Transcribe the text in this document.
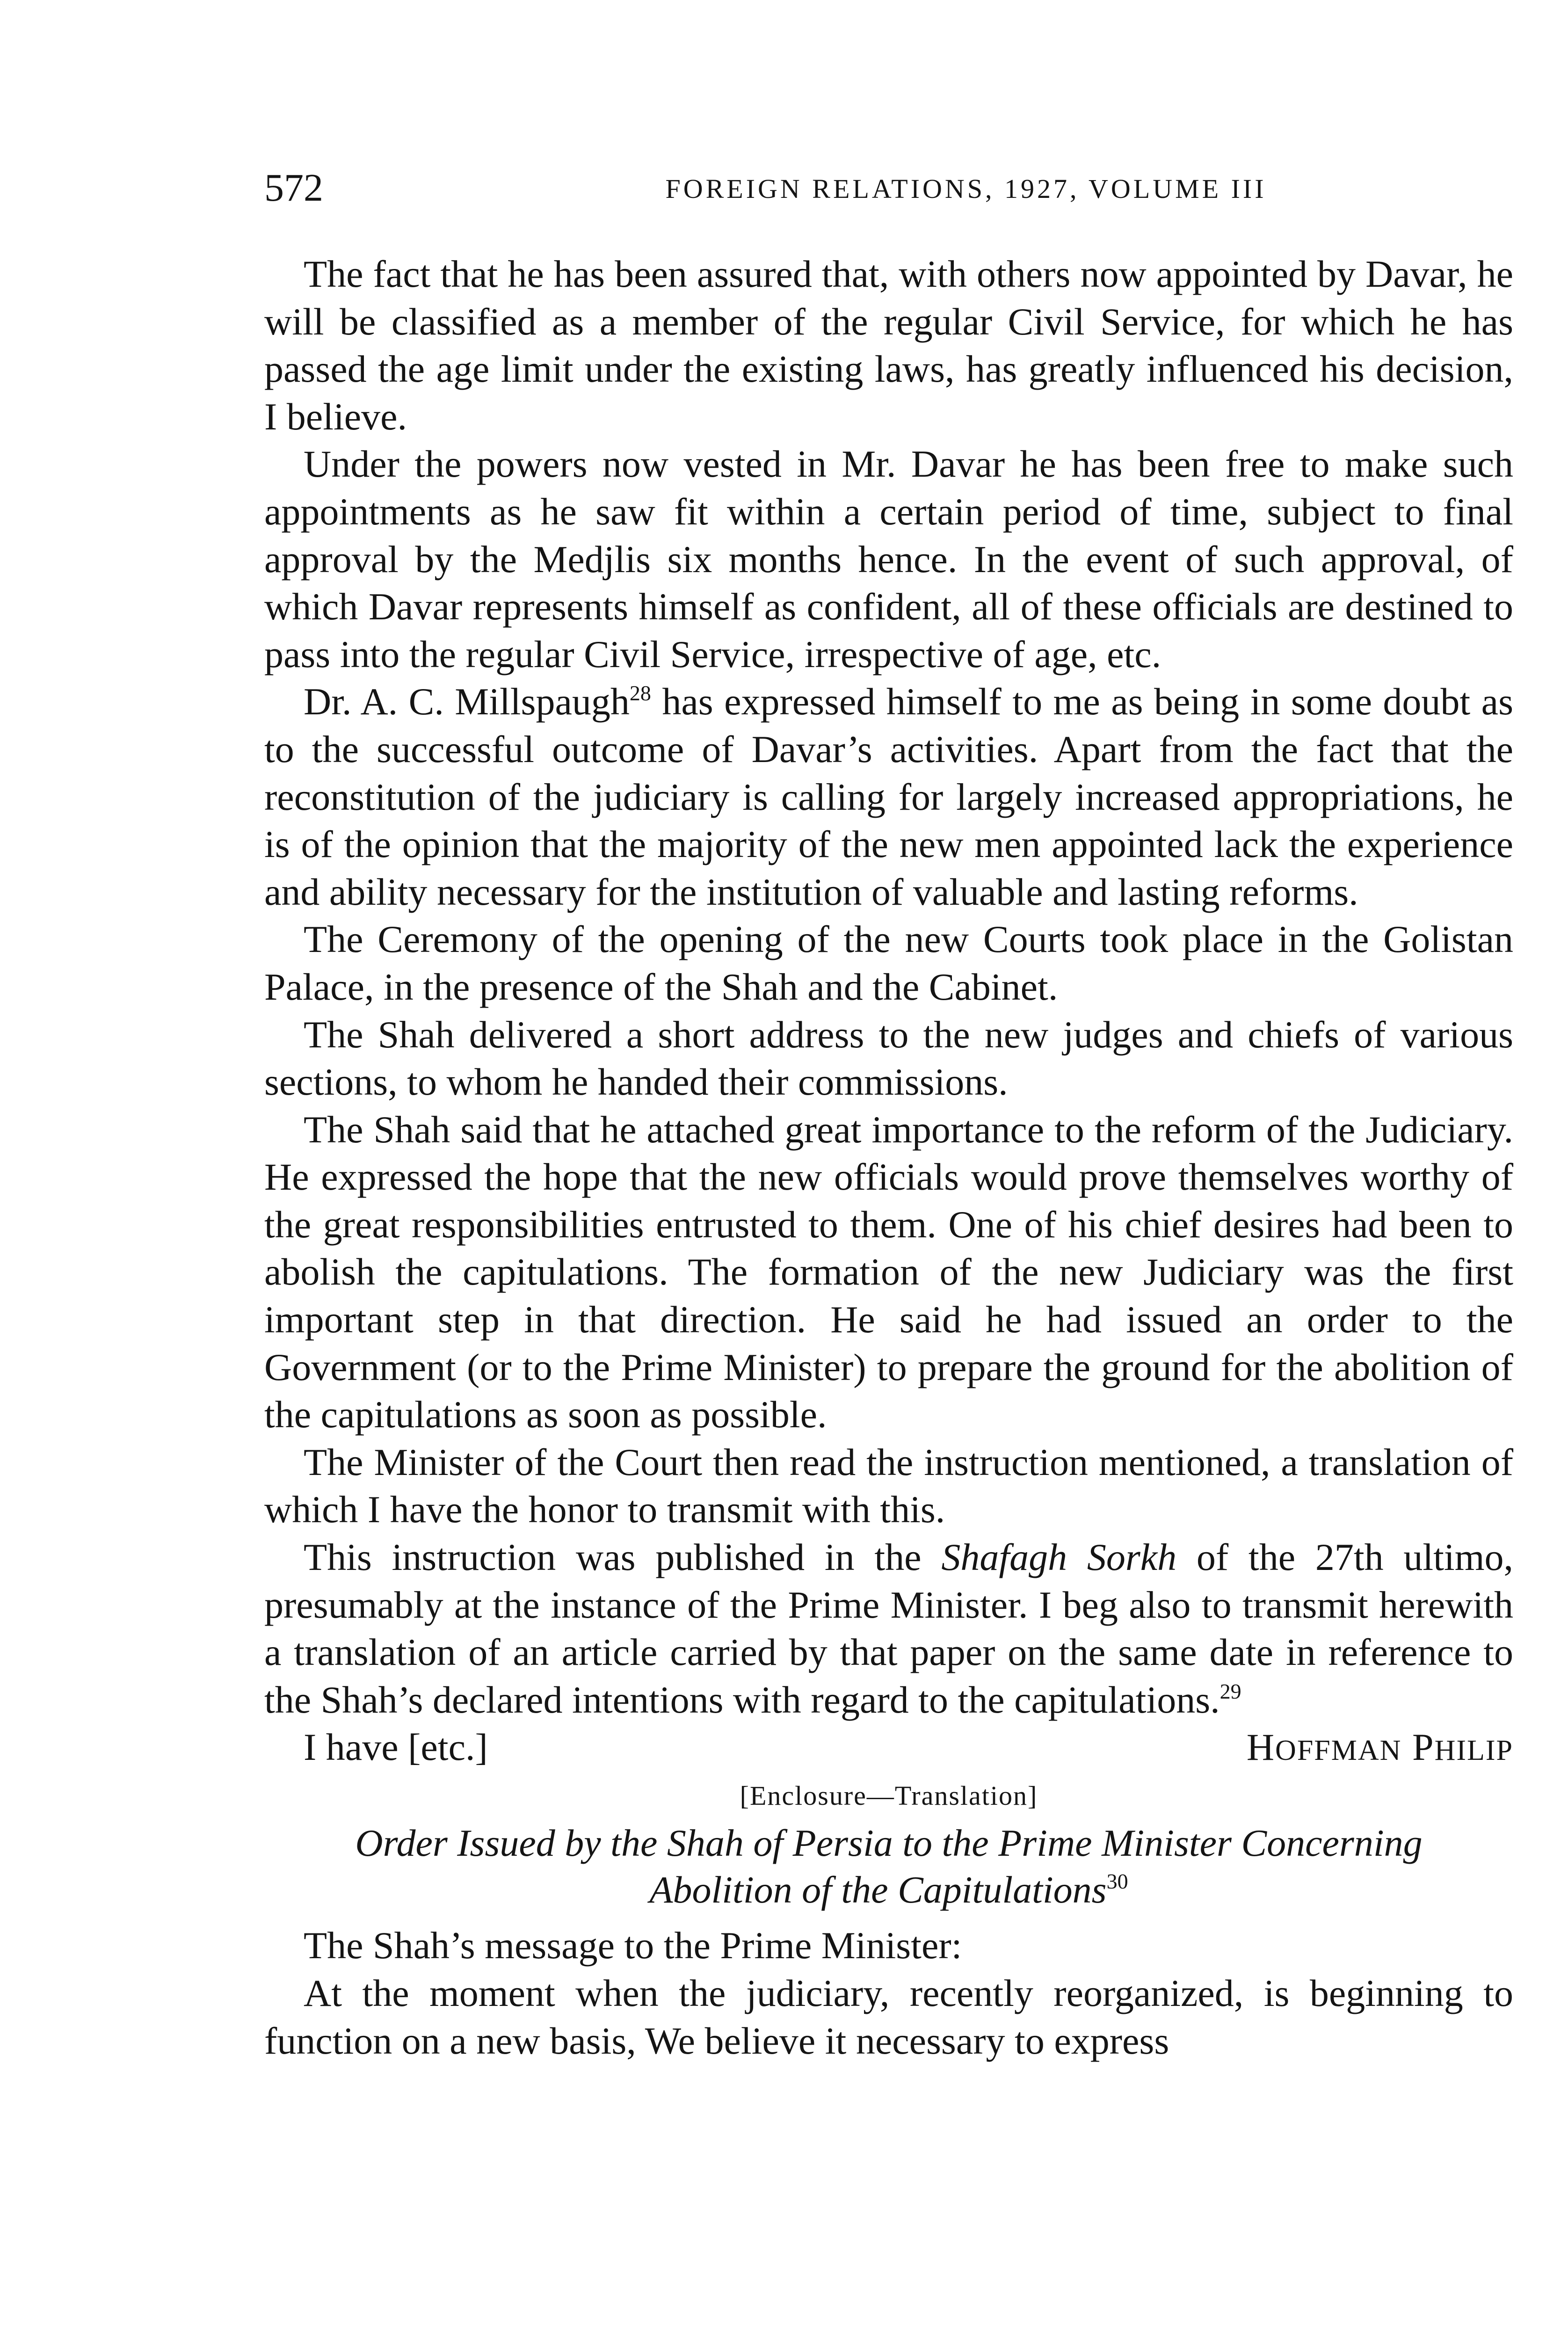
572	FOREIGN RELATIONS, 1927, VOLUME III

The fact that he has been assured that, with others now appointed by Davar, he will be classified as a member of the regular Civil Service, for which he has passed the age limit under the existing laws, has greatly influenced his decision, I believe.

Under the powers now vested in Mr. Davar he has been free to make such appointments as he saw fit within a certain period of time, subject to final approval by the Medjlis six months hence. In the event of such approval, of which Davar represents himself as confident, all of these officials are destined to pass into the regular Civil Service, irrespective of age, etc.

Dr. A. C. Millspaugh$^{28}$ has expressed himself to me as being in some doubt as to the successful outcome of Davar’s activities. Apart from the fact that the reconstitution of the judiciary is calling for largely increased appropriations, he is of the opinion that the majority of the new men appointed lack the experience and ability necessary for the institution of valuable and lasting reforms.

The Ceremony of the opening of the new Courts took place in the Golistan Palace, in the presence of the Shah and the Cabinet.

The Shah delivered a short address to the new judges and chiefs of various sections, to whom he handed their commissions.

The Shah said that he attached great importance to the reform of the Judiciary. He expressed the hope that the new officials would prove themselves worthy of the great responsibilities entrusted to them. One of his chief desires had been to abolish the capitulations. The formation of the new Judiciary was the first important step in that direction. He said he had issued an order to the Government (or to the Prime Minister) to prepare the ground for the abolition of the capitulations as soon as possible.

The Minister of the Court then read the instruction mentioned, a translation of which I have the honor to transmit with this.

This instruction was published in the Shafagh Sorkh of the 27th ultimo, presumably at the instance of the Prime Minister. I beg also to transmit herewith a translation of an article carried by that paper on the same date in reference to the Shah’s declared intentions with regard to the capitulations.$^{29}$

I have [etc.]	HOFFMAN PHILIP
[Enclosure—Translation]
Order Issued by the Shah of Persia to the Prime Minister Concerning
Abolition of the Capitulations$^{30}$

The Shah’s message to the Prime Minister:

At the moment when the judiciary, recently reorganized, is beginning to function on a new basis, We believe it necessary to express
